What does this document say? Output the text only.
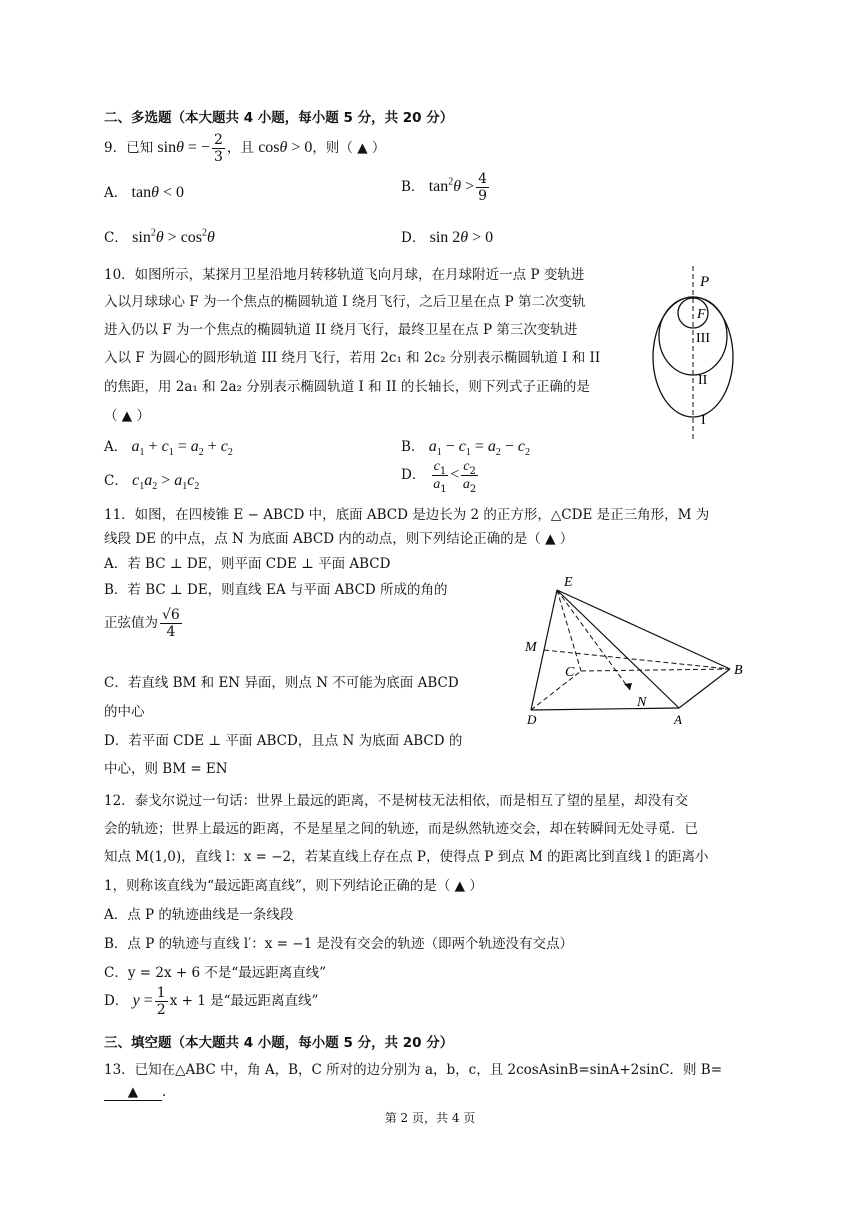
二、多选题（本大题共 4 小题，每小题 5 分，共 20 分）
9．已知 sinθ = − $\frac{2}{3}$ ，且 cosθ > 0，则（ ▲ ）
A． tanθ < 0	B． $\tan^2\theta > \frac{4}{9}$
C． $\sin^2\theta > \cos^2\theta$	D． sin 2θ > 0
10．如图所示，某探月卫星沿地月转移轨道飞向月球，在月球附近一点 P 变轨进
入以月球球心 F 为一个焦点的椭圆轨道 I 绕月飞行，之后卫星在点 P 第二次变轨
进入仍以 F 为一个焦点的椭圆轨道 II 绕月飞行，最终卫星在点 P 第三次变轨进
入以 F 为圆心的圆形轨道 III 绕月飞行，若用 2c₁ 和 2c₂ 分别表示椭圆轨道 I 和 II
的焦距，用 2a₁ 和 2a₂ 分别表示椭圆轨道 I 和 II 的长轴长，则下列式子正确的是
（ ▲ ）
A． $a_1 + c_1 = a_2 + c_2$	B． $a_1 - c_1 = a_2 - c_2$
C． $c_1a_2 > a_1c_2$
D． $\frac{c_1}{a_1} < \frac{c_2}{a_2}$
P
F
III
II
I
11．如图，在四棱锥 E − ABCD 中，底面 ABCD 是边长为 2 的正方形，△CDE 是正三角形，M 为
线段 DE 的中点，点 N 为底面 ABCD 内的动点，则下列结论正确的是（ ▲ ）
A．若 BC ⊥ DE，则平面 CDE ⊥ 平面 ABCD
B．若 BC ⊥ DE，则直线 EA 与平面 ABCD 所成的角的
正弦值为 $\frac{√6}{4}$
C．若直线 BM 和 EN 异面，则点 N 不可能为底面 ABCD
的中心
D．若平面 CDE ⊥ 平面 ABCD，且点 N 为底面 ABCD 的
中心，则 BM = EN
E
M
C	B
N
D	A
12．泰戈尔说过一句话：世界上最远的距离，不是树枝无法相依，而是相互了望的星星，却没有交
会的轨迹；世界上最远的距离，不是星星之间的轨迹，而是纵然轨迹交会，却在转瞬间无处寻觅．已
知点 M(1,0)，直线 l：x = −2，若某直线上存在点 P，使得点 P 到点 M 的距离比到直线 l 的距离小
1，则称该直线为“最远距离直线”，则下列结论正确的是（ ▲ ）
A．点 P 的轨迹曲线是一条线段
B．点 P 的轨迹与直线 l′：x = −1 是没有交会的轨迹（即两个轨迹没有交点）
C．y = 2x + 6 不是“最远距离直线”
D． $y = \frac{1}{2}$ x + 1 是“最远距离直线”
三、填空题（本大题共 4 小题，每小题 5 分，共 20 分）
13．已知在△ABC 中，角 A，B，C 所对的边分别为 a，b，c，且 2cosAsinB=sinA+2sinC．则 B=
▲ .
第 2 页，共 4 页
